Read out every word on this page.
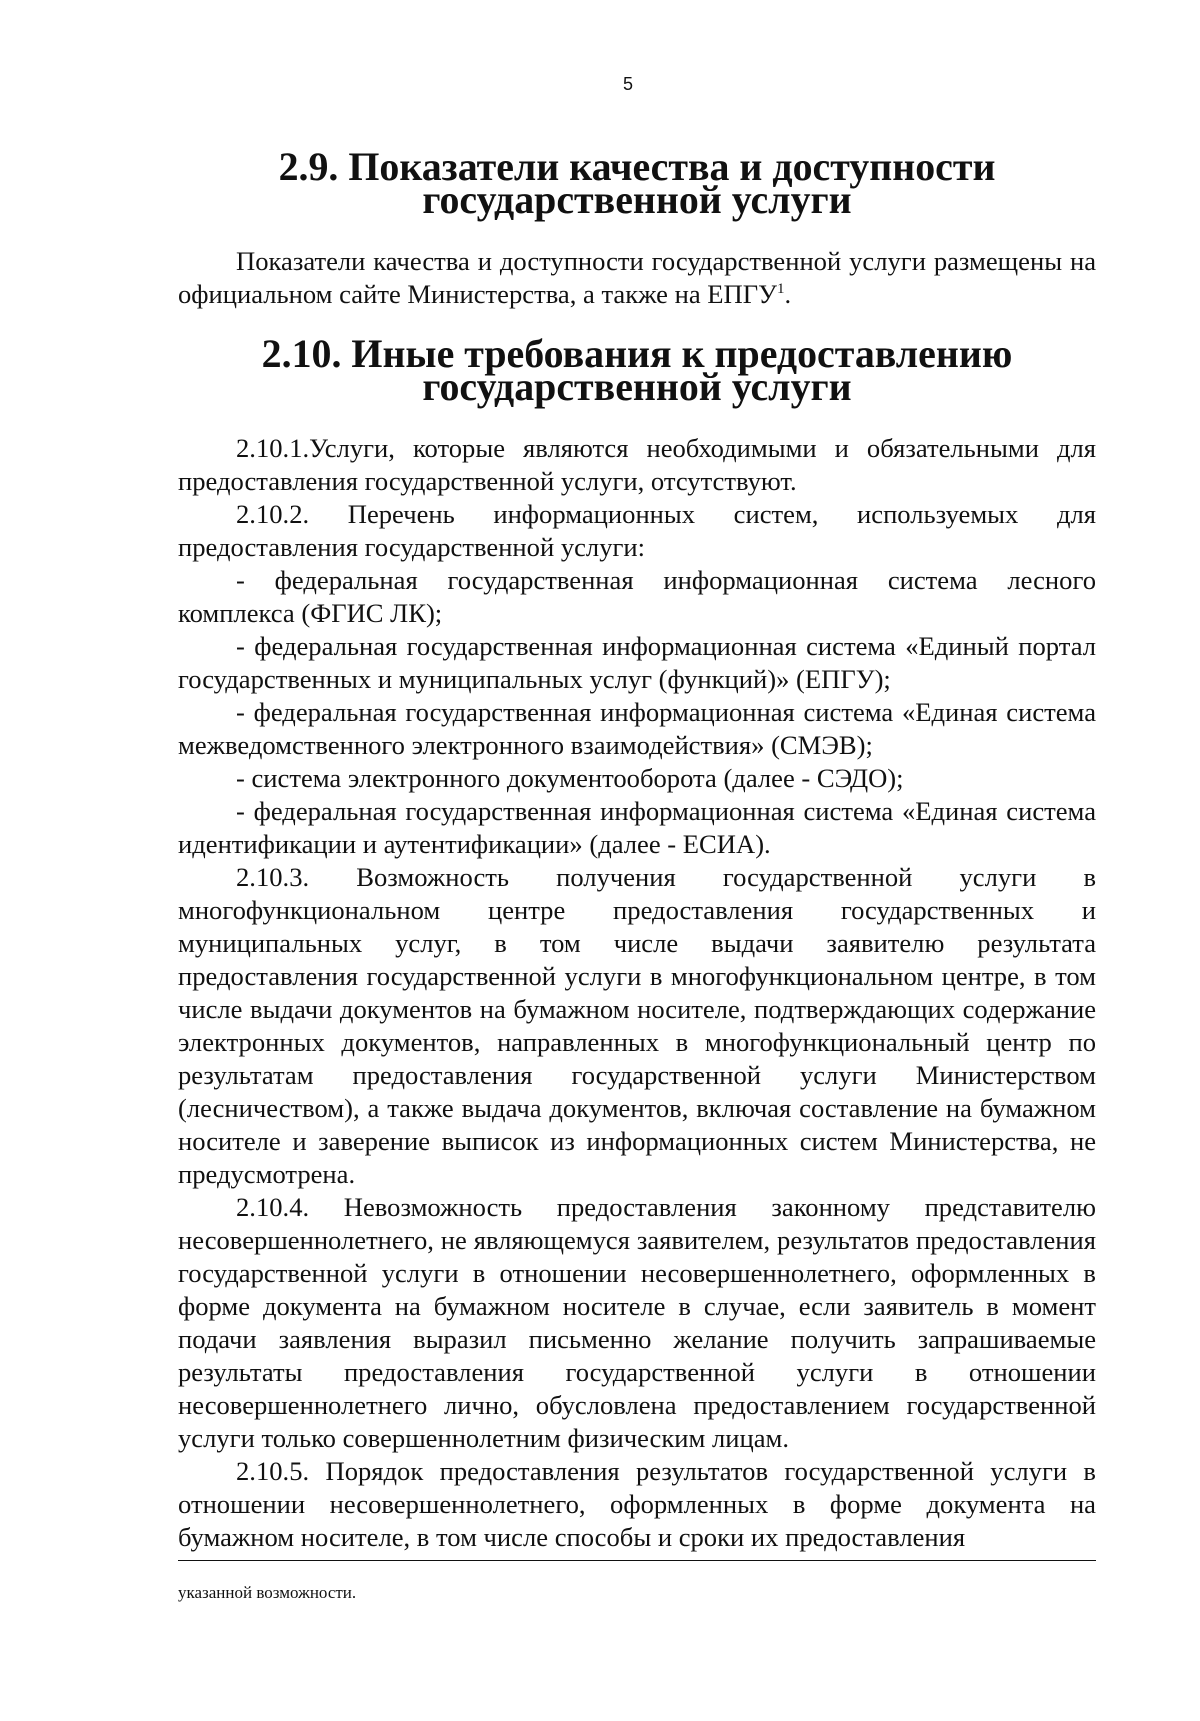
5
2.9. Показатели качества и доступности государственной услуги

Показатели качества и доступности государственной услуги размещены на официальном сайте Министерства, а также на ЕПГУ$^1$.

2.10. Иные требования к предоставлению государственной услуги

2.10.1.Услуги, которые являются необходимыми и обязательными для предоставления государственной услуги, отсутствуют.

2.10.2. Перечень информационных систем, используемых для предоставления государственной услуги:

- федеральная государственная информационная система лесного комплекса (ФГИС ЛК);

- федеральная государственная информационная система «Единый портал государственных и муниципальных услуг (функций)» (ЕПГУ);

- федеральная государственная информационная система «Единая система межведомственного электронного взаимодействия» (СМЭВ);

- система электронного документооборота (далее - СЭДО);

- федеральная государственная информационная система «Единая система идентификации и аутентификации» (далее - ЕСИА).

2.10.3. Возможность получения государственной услуги в многофункциональном центре предоставления государственных и муниципальных услуг, в том числе выдачи заявителю результата предоставления государственной услуги в многофункциональном центре, в том числе выдачи документов на бумажном носителе, подтверждающих содержание электронных документов, направленных в многофункциональный центр по результатам предоставления государственной услуги Министерством (лесничеством), а также выдача документов, включая составление на бумажном носителе и заверение выписок из информационных систем Министерства, не предусмотрена.

2.10.4. Невозможность предоставления законному представителю несовершеннолетнего, не являющемуся заявителем, результатов предоставления государственной услуги в отношении несовершеннолетнего, оформленных в форме документа на бумажном носителе в случае, если заявитель в момент подачи заявления выразил письменно желание получить запрашиваемые результаты предоставления государственной услуги в отношении несовершеннолетнего лично, обусловлена предоставлением государственной услуги только совершеннолетним физическим лицам.

2.10.5. Порядок предоставления результатов государственной услуги в отношении несовершеннолетнего, оформленных в форме документа на бумажном носителе, в том числе способы и сроки их предоставления

указанной возможности.
